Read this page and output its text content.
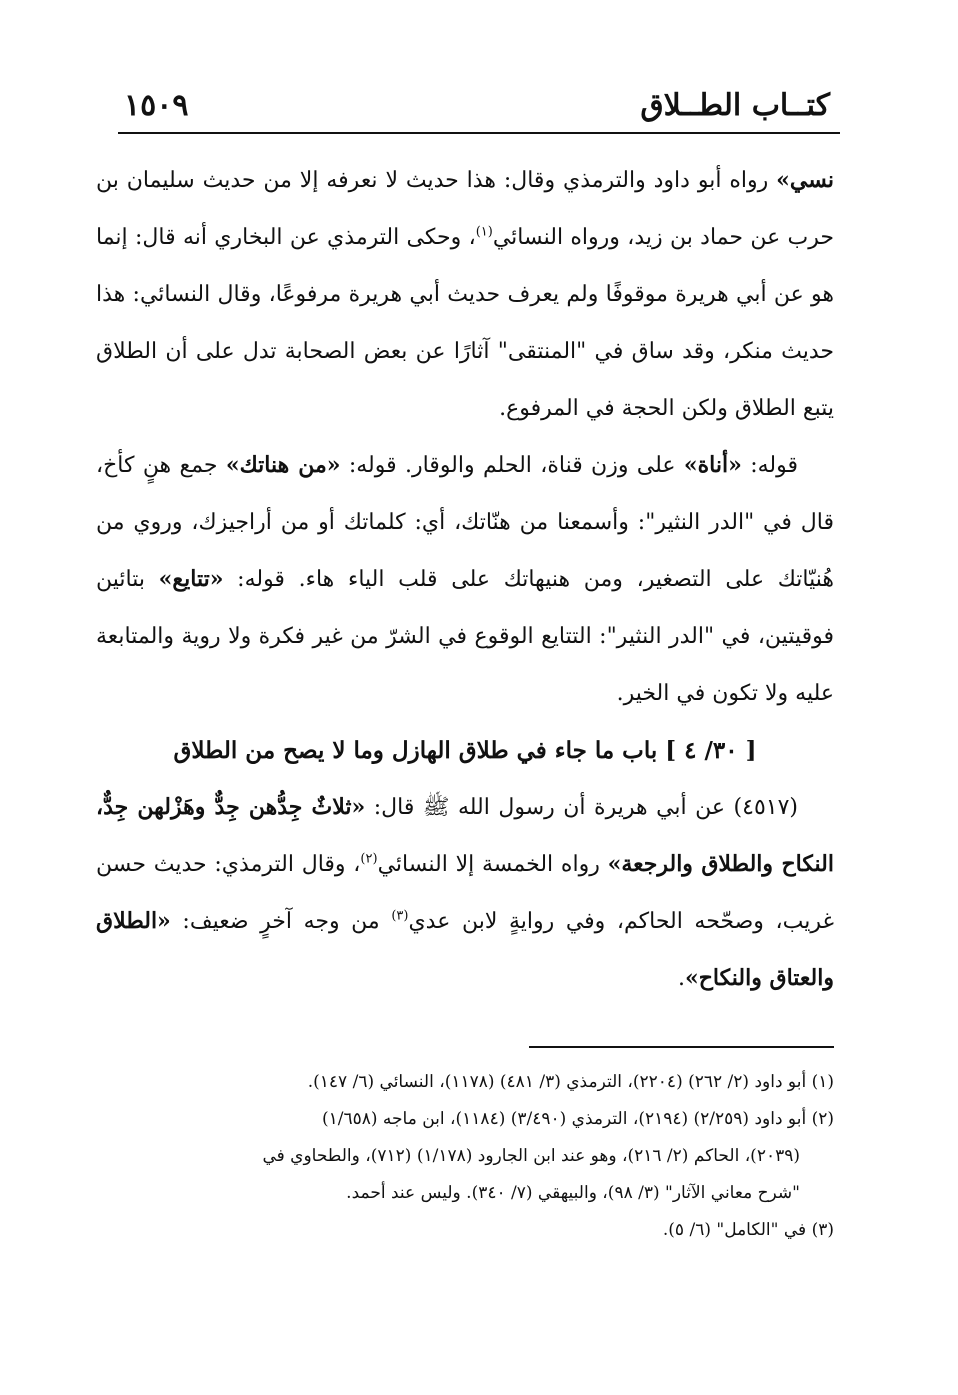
كتــاب الطــلاق
١٥٠٩

نسي» رواه أبو داود والترمذي وقال: هذا حديث لا نعرفه إلا من حديث سليمان بن حرب عن حماد بن زيد، ورواه النسائي$^{(١)}$، وحكى الترمذي عن البخاري أنه قال: إنما هو عن أبي هريرة موقوفًا ولم يعرف حديث أبي هريرة مرفوعًا، وقال النسائي: هذا حديث منكر، وقد ساق في "المنتقى" آثارًا عن بعض الصحابة تدل على أن الطلاق يتبع الطلاق ولكن الحجة في المرفوع.

قوله: «أناة» على وزن قناة، الحلم والوقار. قوله: «من هناتك» جمع هنٍ كأخ، قال في "الدر النثير": وأسمعنا من هنّاتك، أي: كلماتك أو من أراجيزك، وروي من هُنيّاتك على التصغير، ومن هنيهاتك على قلب الياء هاء. قوله: «تتايع» بتائين فوقيتين، في "الدر النثير": التتايع الوقوع في الشرّ من غير فكرة ولا روية والمتابعة عليه ولا تكون في الخير.

[ ٣٠/ ٤ ] باب ما جاء في طلاق الهازل وما لا يصح من الطلاق

(٤٥١٧) عن أبي هريرة أن رسول الله ﷺ قال: «ثلاثٌ جِدُّهن جِدٌّ وهَزْلهن جِدٌّ، النكاح والطلاق والرجعة» رواه الخمسة إلا النسائي$^{(٢)}$، وقال الترمذي: حديث حسن غريب، وصحّحه الحاكم، وفي روايةٍ لابن عدي$^{(٣)}$ من وجه آخرٍ ضعيف: «الطلاق والعتاق والنكاح».

(١) أبو داود (٢/ ٢٦٢) (٢٢٠٤)، الترمذي (٣/ ٤٨١) (١١٧٨)، النسائي (٦/ ١٤٧).

(٢) أبو داود (٢/٢٥٩) (٢١٩٤)، الترمذي (٣/٤٩٠) (١١٨٤)، ابن ماجه (١/٦٥٨)

(٢٠٣٩)، الحاكم (٢/ ٢١٦)، وهو عند ابن الجارود (١/١٧٨) (٧١٢)، والطحاوي في

"شرح معاني الآثار" (٣/ ٩٨)، والبيهقي (٧/ ٣٤٠). وليس عند أحمد.

(٣) في "الكامل" (٦/ ٥).
